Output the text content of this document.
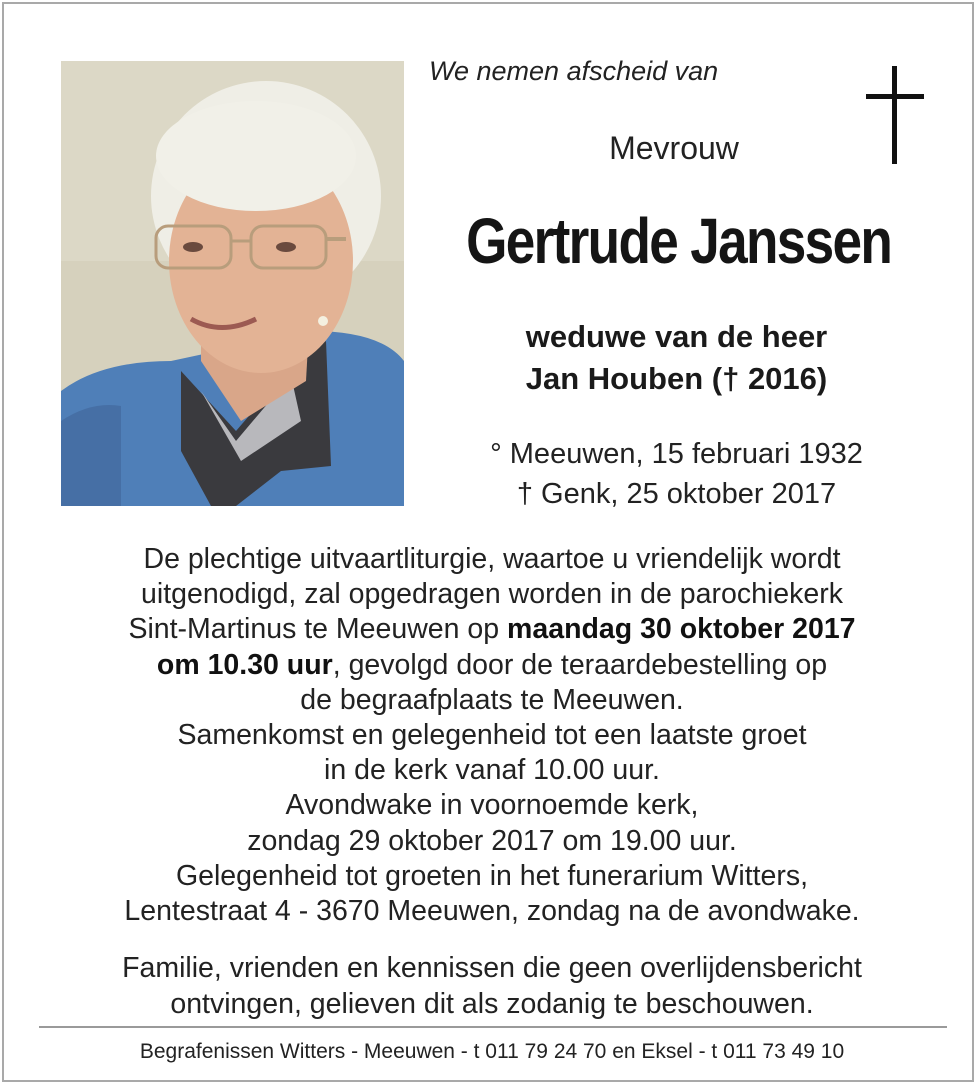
We nemen afscheid van
Mevrouw
Gertrude Janssen
weduwe van de heer
Jan Houben († 2016)
° Meeuwen, 15 februari 1932
† Genk, 25 oktober 2017
De plechtige uitvaartliturgie, waartoe u vriendelijk wordt
uitgenodigd, zal opgedragen worden in de parochiekerk
Sint-Martinus te Meeuwen op maandag 30 oktober 2017
om 10.30 uur, gevolgd door de teraardebestelling op
de begraafplaats te Meeuwen.
Samenkomst en gelegenheid tot een laatste groet
in de kerk vanaf 10.00 uur.
Avondwake in voornoemde kerk,
zondag 29 oktober 2017 om 19.00 uur.
Gelegenheid tot groeten in het funerarium Witters,
Lentestraat 4 - 3670 Meeuwen, zondag na de avondwake.
Familie, vrienden en kennissen die geen overlijdensbericht
ontvingen, gelieven dit als zodanig te beschouwen.
Begrafenissen Witters - Meeuwen - t 011 79 24 70 en Eksel - t 011 73 49 10
